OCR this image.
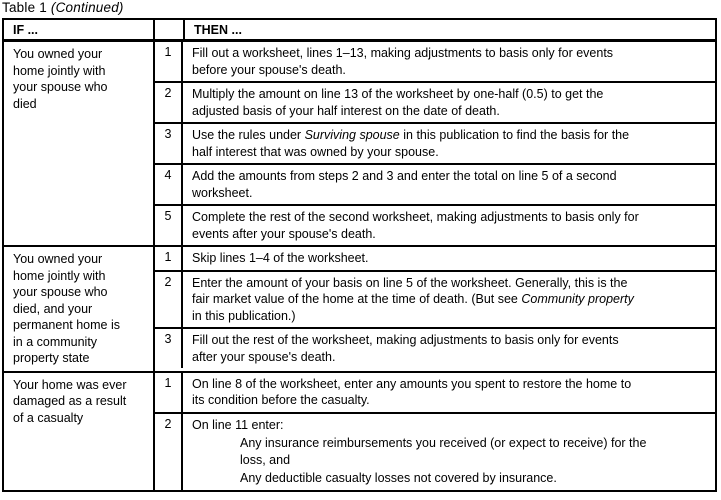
Table 1 (Continued)
IF ...	THEN ...
You owned your
home jointly with
your spouse who
died
1	Fill out a worksheet, lines 1–13, making adjustments to basis only for events
before your spouse's death.
2	Multiply the amount on line 13 of the worksheet by one-half (0.5) to get the
adjusted basis of your half interest on the date of death.
3	Use the rules under Surviving spouse in this publication to find the basis for the
half interest that was owned by your spouse.
4	Add the amounts from steps 2 and 3 and enter the total on line 5 of a second
worksheet.
5	Complete the rest of the second worksheet, making adjustments to basis only for
events after your spouse's death.
You owned your
home jointly with
your spouse who
died, and your
permanent home is
in a community
property state
1	Skip lines 1–4 of the worksheet.
2	Enter the amount of your basis on line 5 of the worksheet. Generally, this is the
fair market value of the home at the time of death. (But see Community property
in this publication.)
3	Fill out the rest of the worksheet, making adjustments to basis only for events
after your spouse's death.
Your home was ever
damaged as a result
of a casualty
1	On line 8 of the worksheet, enter any amounts you spent to restore the home to
its condition before the casualty.
2	On line 11 enter:
Any insurance reimbursements you received (or expect to receive) for the
loss, and
Any deductible casualty losses not covered by insurance.
